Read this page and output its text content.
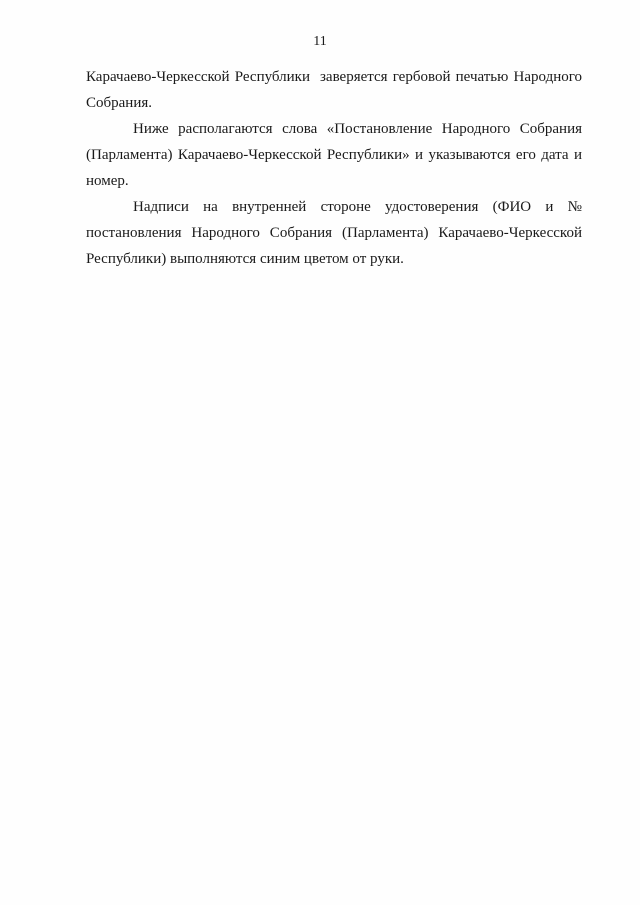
11

Карачаево-Черкесской Республики заверяется гербовой печатью Народного Собрания.

Ниже располагаются слова «Постановление Народного Собрания (Парламента) Карачаево-Черкесской Республики» и указываются его дата и номер.

Надписи на внутренней стороне удостоверения (ФИО и № постановления Народного Собрания (Парламента) Карачаево-Черкесской Республики) выполняются синим цветом от руки.
